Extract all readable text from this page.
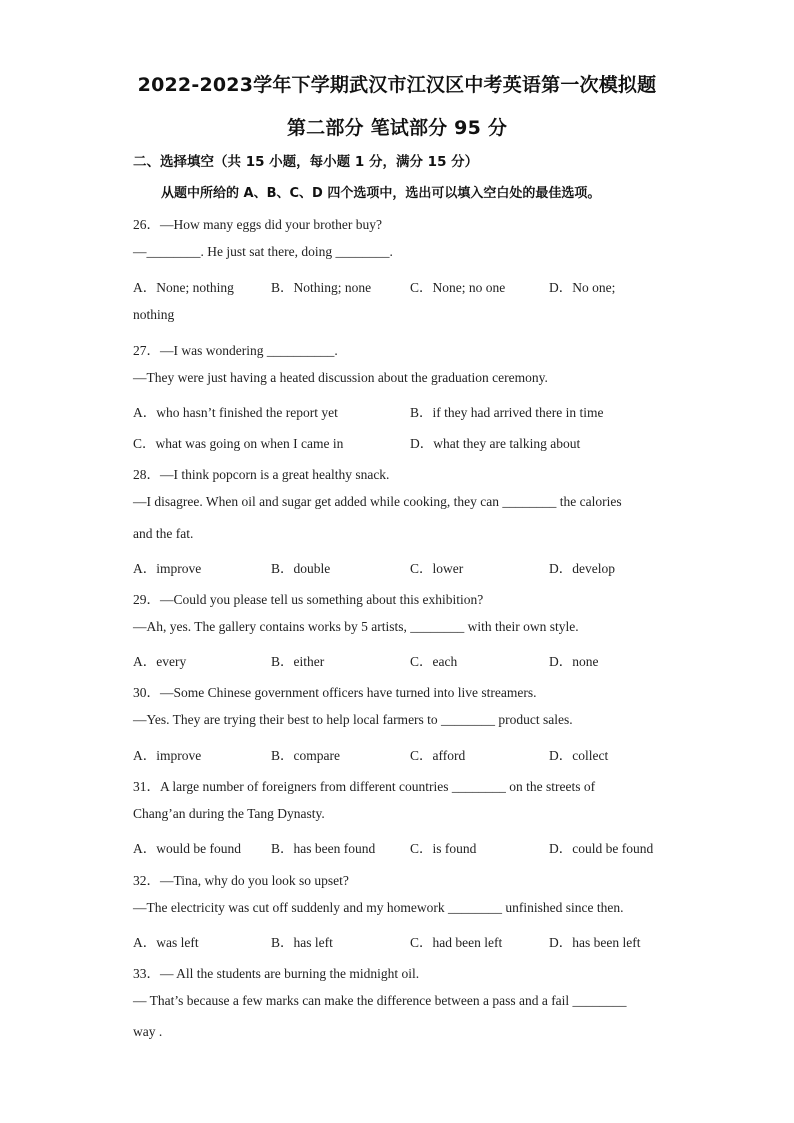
2022-2023学年下学期武汉市江汉区中考英语第一次模拟题
第二部分 笔试部分 95 分
二、选择填空（共 15 小题，每小题 1 分，满分 15 分）
从题中所给的 A、B、C、D 四个选项中，选出可以填入空白处的最佳选项。
26．—How many eggs did your brother buy?
—________. He just sat there, doing ________.
A．None; nothing	B．Nothing; none	C．None; no one	D．No one;
nothing
27．—I was wondering __________.
—They were just having a heated discussion about the graduation ceremony.
A．who hasn’t finished the report yet	B．if they had arrived there in time
C．what was going on when I came in	D．what they are talking about
28．—I think popcorn is a great healthy snack.
—I disagree. When oil and sugar get added while cooking, they can ________ the calories
and the fat.
A．improve	B．double	C．lower	D．develop
29．—Could you please tell us something about this exhibition?
—Ah, yes. The gallery contains works by 5 artists, ________ with their own style.
A．every	B．either	C．each	D．none
30．—Some Chinese government officers have turned into live streamers.
—Yes. They are trying their best to help local farmers to ________ product sales.
A．improve	B．compare	C．afford	D．collect
31．A large number of foreigners from different countries ________ on the streets of
Chang’an during the Tang Dynasty.
A．would be found B．has been found	C．is found	D．could be found
32．—Tina, why do you look so upset?
—The electricity was cut off suddenly and my homework ________ unfinished since then.
A．was left	B．has left	C．had been left	D．has been left
33．— All the students are burning the midnight oil.
— That’s because a few marks can make the difference between a pass and a fail ________
way .
